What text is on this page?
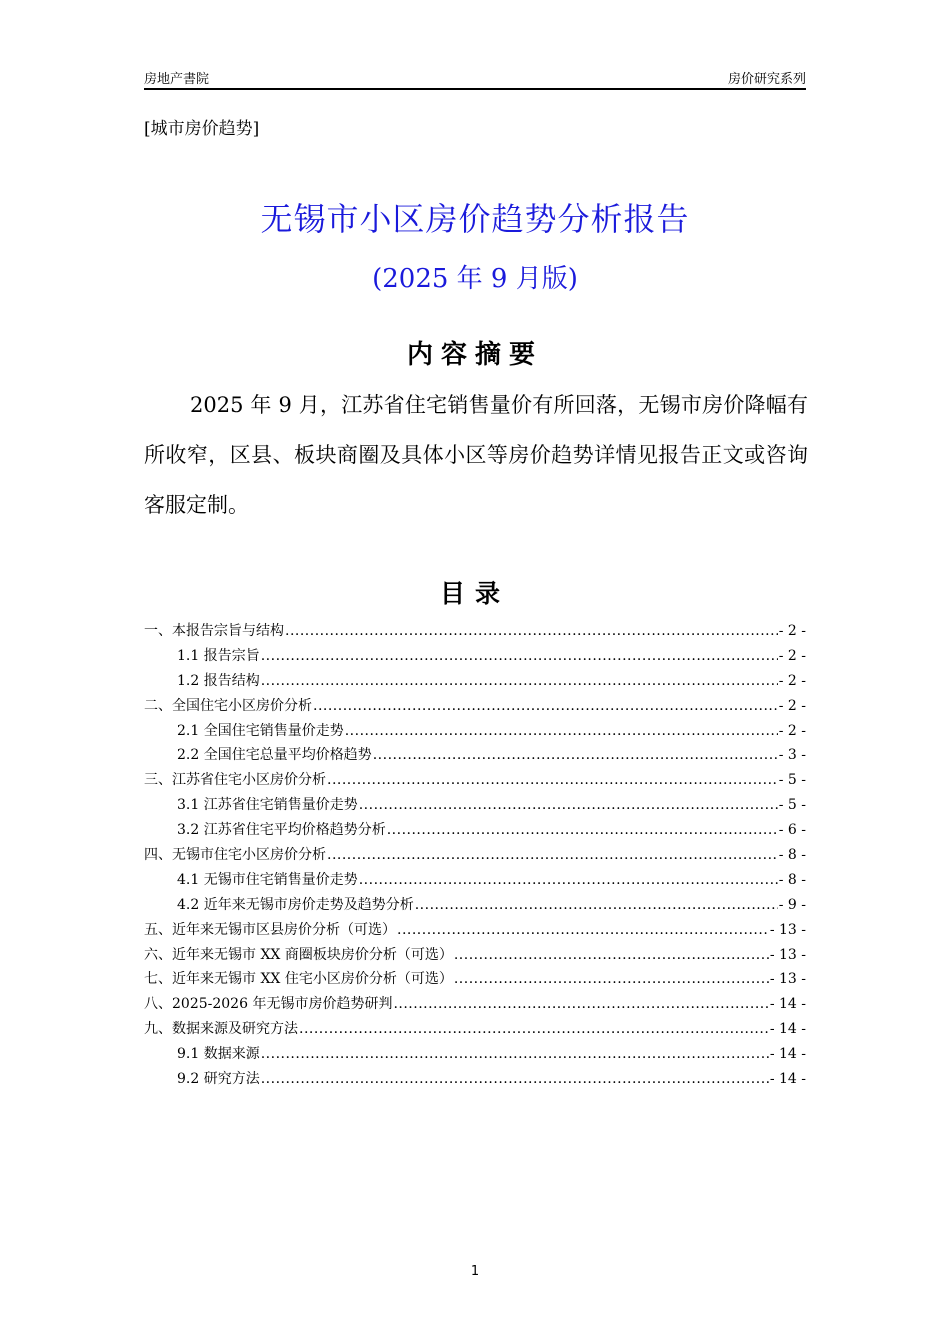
房地产書院	房价研究系列
[城市房价趋势]
无锡市小区房价趋势分析报告
(2025 年 9 月版)
内容摘要
2025 年 9 月，江苏省住宅销售量价有所回落，无锡市房价降幅有所收窄，区县、板块商圈及具体小区等房价趋势详情见报告正文或咨询客服定制。
目录
一、本报告宗旨与结构 .....	- 2 -
1.1 报告宗旨 .....	- 2 -
1.2 报告结构 .....	- 2 -
二、全国住宅小区房价分析 .....	- 2 -
2.1 全国住宅销售量价走势 .....	- 2 -
2.2 全国住宅总量平均价格趋势 .....	- 3 -
三、江苏省住宅小区房价分析 .....	- 5 -
3.1 江苏省住宅销售量价走势 .....	- 5 -
3.2 江苏省住宅平均价格趋势分析 .....	- 6 -
四、无锡市住宅小区房价分析 .....	- 8 -
4.1 无锡市住宅销售量价走势 .....	- 8 -
4.2 近年来无锡市房价走势及趋势分析 .....	- 9 -
五、近年来无锡市区县房价分析（可选） .....	- 13 -
六、近年来无锡市 XX 商圈板块房价分析（可选） .....	- 13 -
七、近年来无锡市 XX 住宅小区房价分析（可选） .....	- 13 -
八、2025-2026 年无锡市房价趋势研判 .....	- 14 -
九、数据来源及研究方法 .....	- 14 -
9.1 数据来源 .....	- 14 -
9.2 研究方法 .....	- 14 -
1
